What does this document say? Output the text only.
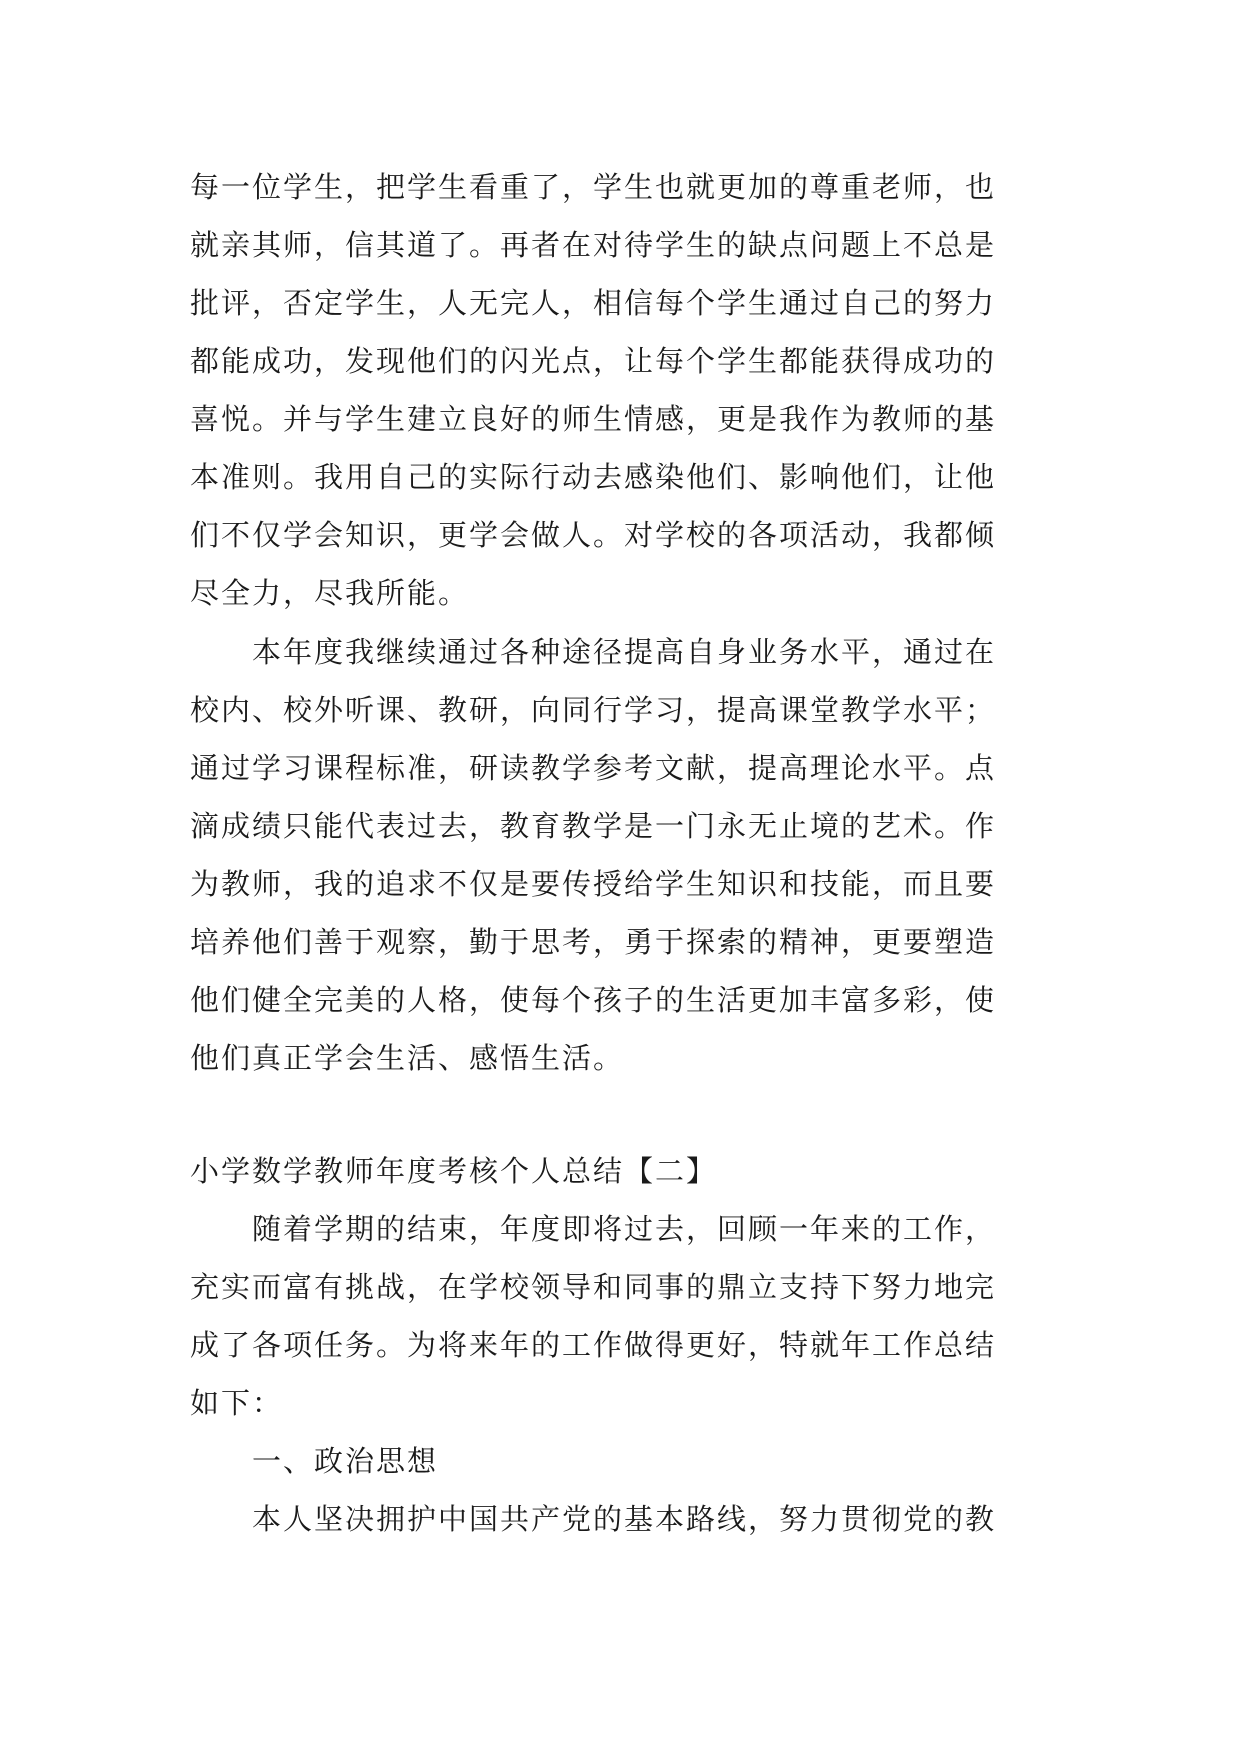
每一位学生，把学生看重了，学生也就更加的尊重老师，也
就亲其师，信其道了。再者在对待学生的缺点问题上不总是
批评，否定学生，人无完人，相信每个学生通过自己的努力
都能成功，发现他们的闪光点，让每个学生都能获得成功的
喜悦。并与学生建立良好的师生情感，更是我作为教师的基
本准则。我用自己的实际行动去感染他们、影响他们，让他
们不仅学会知识，更学会做人。对学校的各项活动，我都倾
尽全力，尽我所能。
本年度我继续通过各种途径提高自身业务水平，通过在
校内、校外听课、教研，向同行学习，提高课堂教学水平；
通过学习课程标准，研读教学参考文献，提高理论水平。点
滴成绩只能代表过去，教育教学是一门永无止境的艺术。作
为教师，我的追求不仅是要传授给学生知识和技能，而且要
培养他们善于观察，勤于思考，勇于探索的精神，更要塑造
他们健全完美的人格，使每个孩子的生活更加丰富多彩，使
他们真正学会生活、感悟生活。
小学数学教师年度考核个人总结【二】
随着学期的结束，年度即将过去，回顾一年来的工作，
充实而富有挑战，在学校领导和同事的鼎立支持下努力地完
成了各项任务。为将来年的工作做得更好，特就年工作总结
如下：
一、政治思想
本人坚决拥护中国共产党的基本路线，努力贯彻党的教
